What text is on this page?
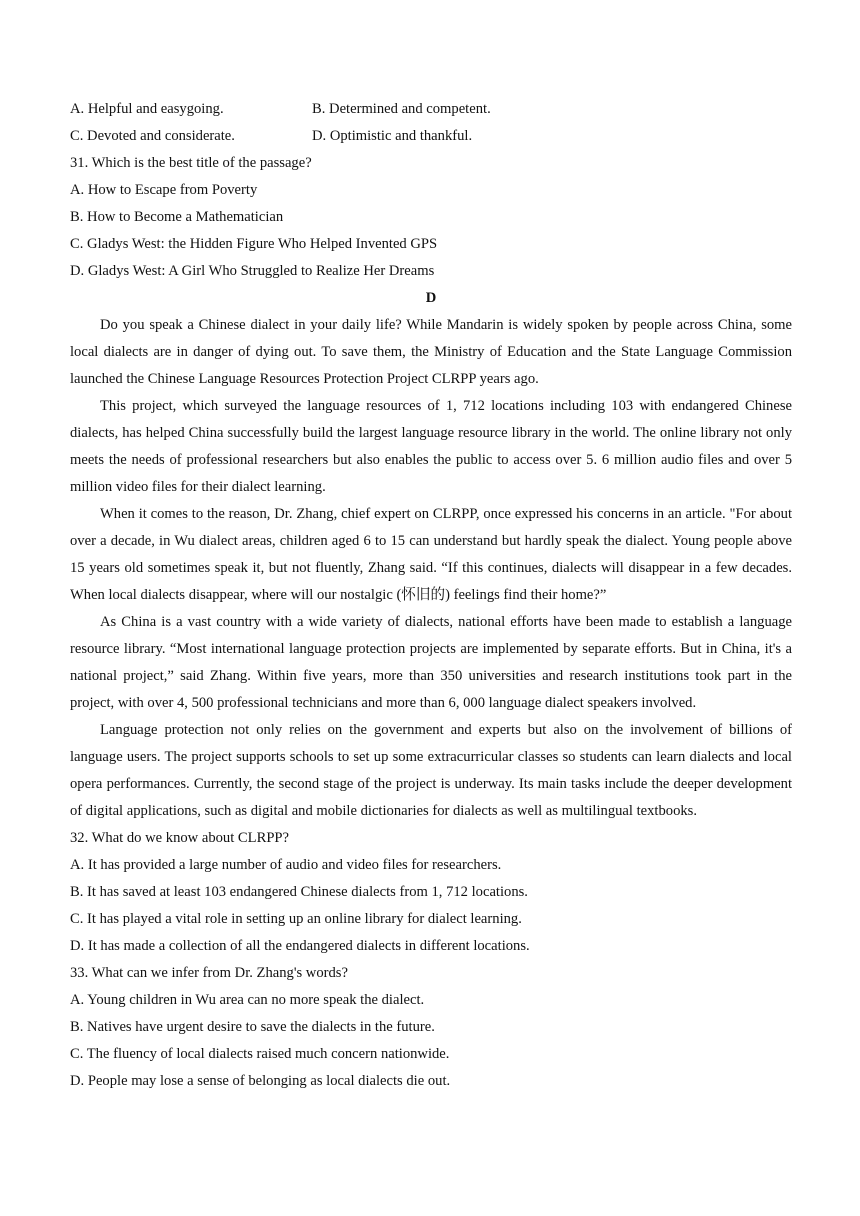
A. Helpful and easygoing.	B. Determined and competent.
C. Devoted and considerate.	D. Optimistic and thankful.
31. Which is the best title of the passage?
A. How to Escape from Poverty
B. How to Become a Mathematician
C. Gladys West: the Hidden Figure Who Helped Invented GPS
D. Gladys West: A Girl Who Struggled to Realize Her Dreams
D

Do you speak a Chinese dialect in your daily life? While Mandarin is widely spoken by people across China, some local dialects are in danger of dying out. To save them, the Ministry of Education and the State Language Commission launched the Chinese Language Resources Protection Project CLRPP years ago.

This project, which surveyed the language resources of 1, 712 locations including 103 with endangered Chinese dialects, has helped China successfully build the largest language resource library in the world. The online library not only meets the needs of professional researchers but also enables the public to access over 5. 6 million audio files and over 5 million video files for their dialect learning.

When it comes to the reason, Dr. Zhang, chief expert on CLRPP, once expressed his concerns in an article. "For about over a decade, in Wu dialect areas, children aged 6 to 15 can understand but hardly speak the dialect. Young people above 15 years old sometimes speak it, but not fluently, Zhang said. “If this continues, dialects will disappear in a few decades. When local dialects disappear, where will our nostalgic (怀旧的) feelings find their home?”

As China is a vast country with a wide variety of dialects, national efforts have been made to establish a language resource library. “Most international language protection projects are implemented by separate efforts. But in China, it's a national project,” said Zhang. Within five years, more than 350 universities and research institutions took part in the project, with over 4, 500 professional technicians and more than 6, 000 language dialect speakers involved.

Language protection not only relies on the government and experts but also on the involvement of billions of language users. The project supports schools to set up some extracurricular classes so students can learn dialects and local opera performances. Currently, the second stage of the project is underway. Its main tasks include the deeper development of digital applications, such as digital and mobile dictionaries for dialects as well as multilingual textbooks.

32. What do we know about CLRPP?
A. It has provided a large number of audio and video files for researchers.
B. It has saved at least 103 endangered Chinese dialects from 1, 712 locations.
C. It has played a vital role in setting up an online library for dialect learning.
D. It has made a collection of all the endangered dialects in different locations.
33. What can we infer from Dr. Zhang's words?
A. Young children in Wu area can no more speak the dialect.
B. Natives have urgent desire to save the dialects in the future.
C. The fluency of local dialects raised much concern nationwide.
D. People may lose a sense of belonging as local dialects die out.
